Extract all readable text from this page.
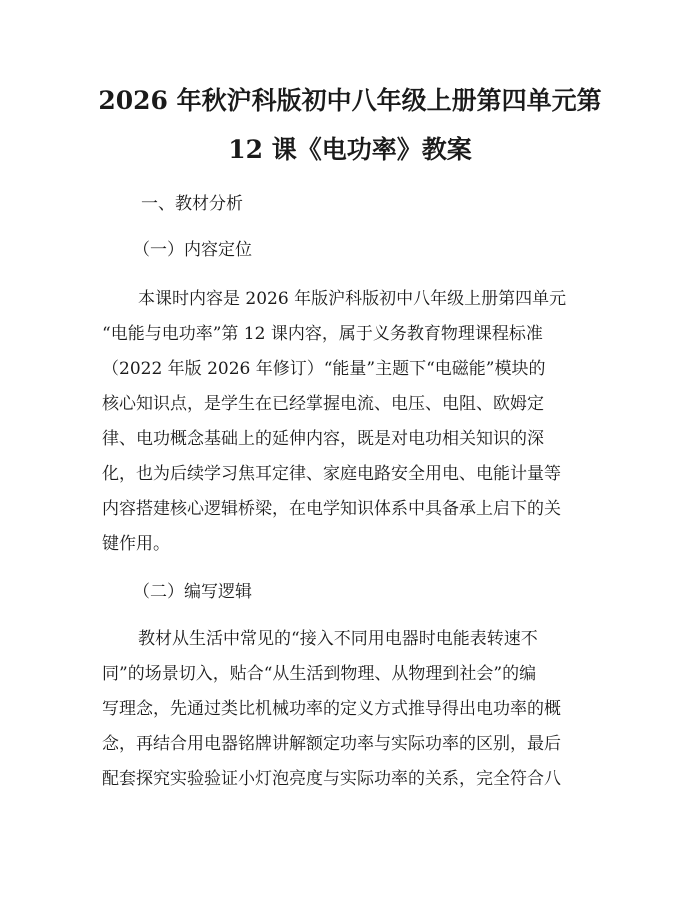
2026 年秋沪科版初中八年级上册第四单元第
12 课《电功率》教案
一、教材分析
（一）内容定位
本课时内容是 2026 年版沪科版初中八年级上册第四单元
“电能与电功率”第 12 课内容，属于义务教育物理课程标准
（2022 年版 2026 年修订）“能量”主题下“电磁能”模块的
核心知识点，是学生在已经掌握电流、电压、电阻、欧姆定
律、电功概念基础上的延伸内容，既是对电功相关知识的深
化，也为后续学习焦耳定律、家庭电路安全用电、电能计量等
内容搭建核心逻辑桥梁，在电学知识体系中具备承上启下的关
键作用。
（二）编写逻辑
教材从生活中常见的“接入不同用电器时电能表转速不
同”的场景切入，贴合“从生活到物理、从物理到社会”的编
写理念，先通过类比机械功率的定义方式推导得出电功率的概
念，再结合用电器铭牌讲解额定功率与实际功率的区别，最后
配套探究实验验证小灯泡亮度与实际功率的关系，完全符合八
